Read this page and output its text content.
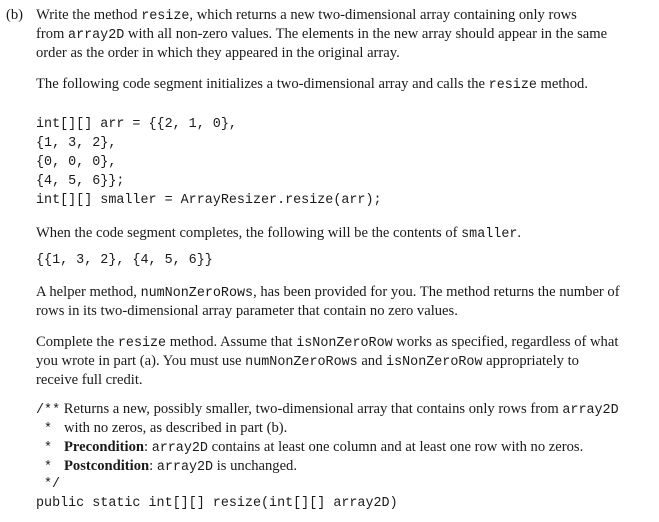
(b) Write the method resize, which returns a new two-dimensional array containing only rows
from array2D with all non-zero values. The elements in the new array should appear in the same
order as the order in which they appeared in the original array.
The following code segment initializes a two-dimensional array and calls the resize method.
int[][] arr = {{2, 1, 0},
{1, 3, 2},
{0, 0, 0},
{4, 5, 6}};
int[][] smaller = ArrayResizer.resize(arr);
When the code segment completes, the following will be the contents of smaller.
{{1, 3, 2}, {4, 5, 6}}
A helper method, numNonZeroRows, has been provided for you. The method returns the number of
rows in its two-dimensional array parameter that contain no zero values.
Complete the resize method. Assume that isNonZeroRow works as specified, regardless of what
you wrote in part (a). You must use numNonZeroRows and isNonZeroRow appropriately to
receive full credit.
/** Returns a new, possibly smaller, two-dimensional array that contains only rows from array2D
* with no zeros, as described in part (b).
* Precondition: array2D contains at least one column and at least one row with no zeros.
* Postcondition: array2D is unchanged.
*/
public static int[][] resize(int[][] array2D)
